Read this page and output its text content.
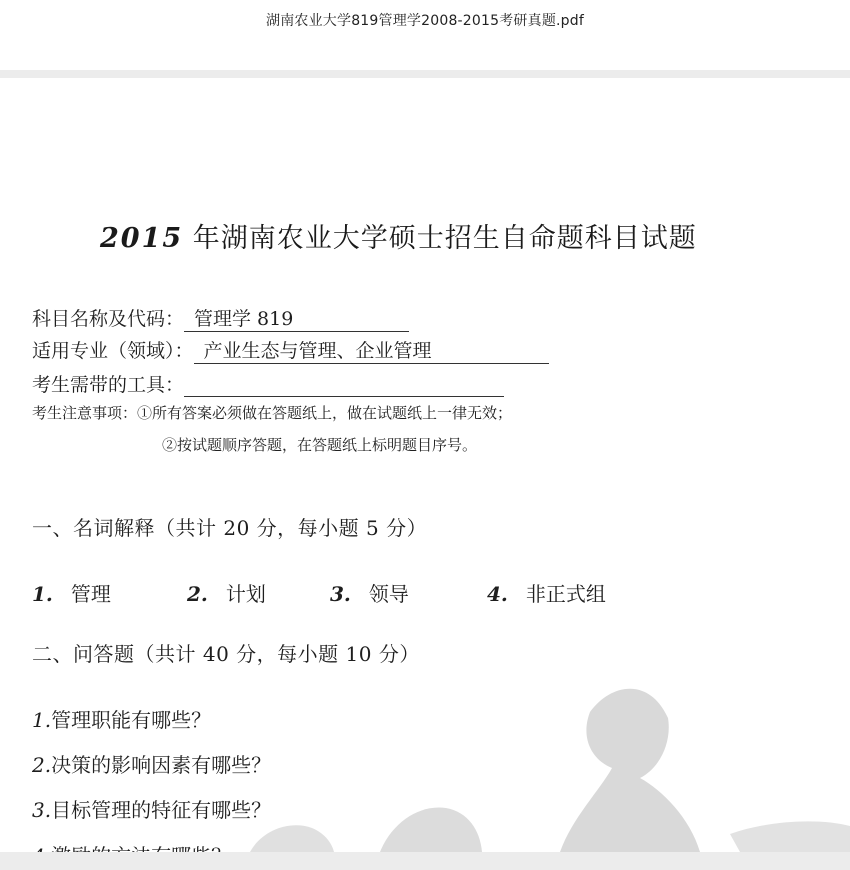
湖南农业大学819管理学2008-2015考研真题.pdf
2015 年湖南农业大学硕士招生自命题科目试题
科目名称及代码： 管理学 819
适用专业（领域）： 产业生态与管理、企业管理
考生需带的工具：
考生注意事项：①所有答案必须做在答题纸上，做在试题纸上一律无效；
②按试题顺序答题，在答题纸上标明题目序号。
一、名词解释（共计 20 分，每小题 5 分）
1. 管理	2. 计划	3. 领导	4. 非正式组
二、问答题（共计 40 分，每小题 10 分）
1.管理职能有哪些？
2.决策的影响因素有哪些？
3.目标管理的特征有哪些？
